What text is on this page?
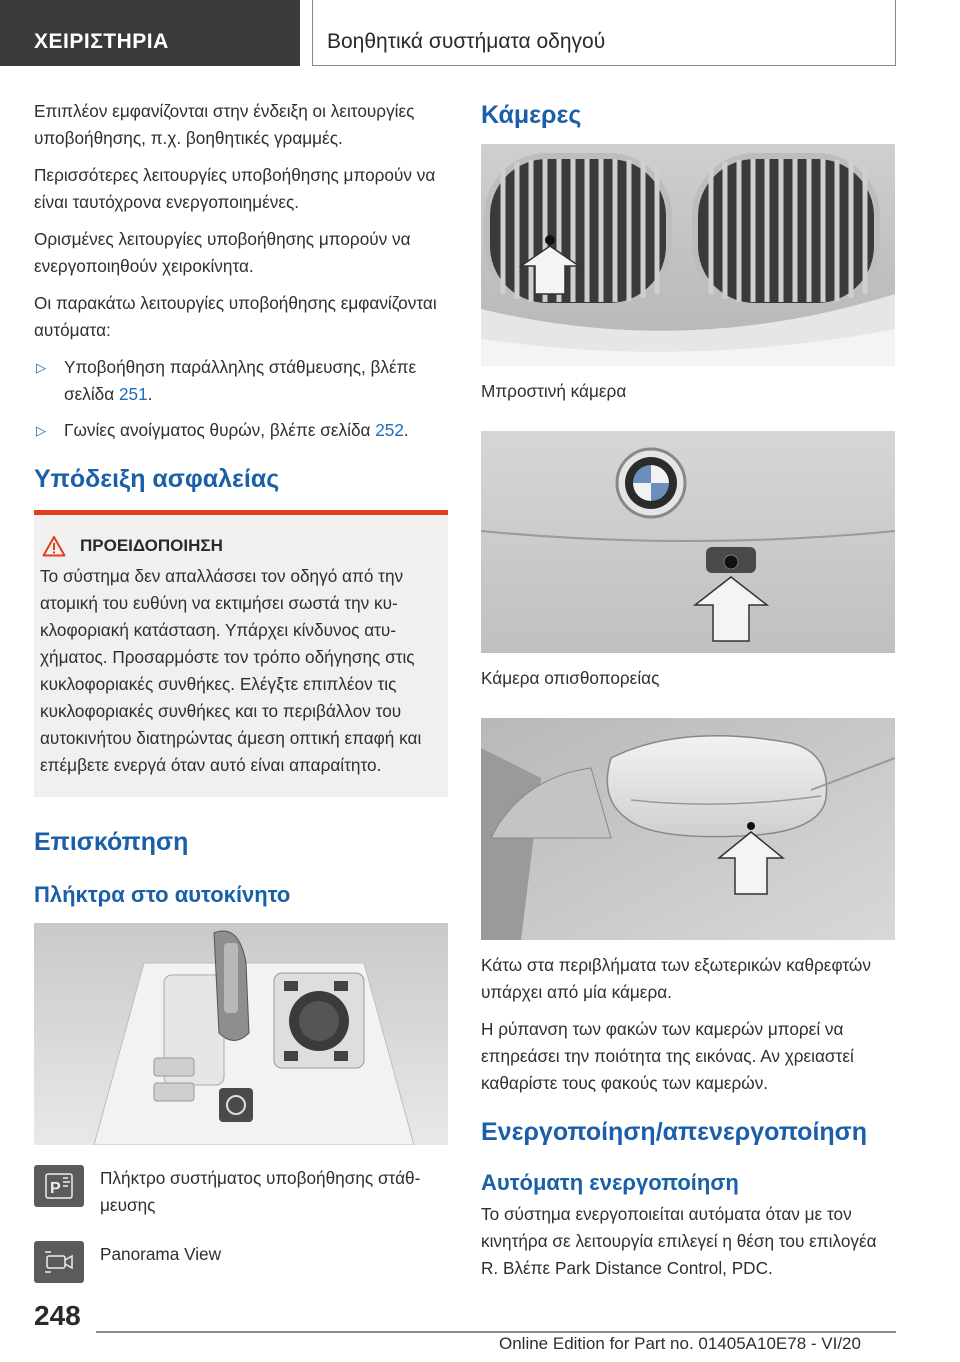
ΧΕΙΡΙΣΤΗΡΙΑ	Βοηθητικά συστήματα οδηγού

Επιπλέον εμφανίζονται στην ένδειξη οι λειτουργίες υποβοήθησης, π.χ. βοηθητικές γραμμές.

Περισσότερες λειτουργίες υποβοήθησης μπορούν να είναι ταυτόχρονα ενεργοποιημένες.

Ορισμένες λειτουργίες υποβοήθησης μπορούν να ενεργοποιηθούν χειροκίνητα.

Οι παρακάτω λειτουργίες υποβοήθησης εμφανίζονται αυτόματα:

▷ Υποβοήθηση παράλληλης στάθμευσης, βλέπε σελίδα 251.
▷ Γωνίες ανοίγματος θυρών, βλέπε σελίδα 252.
Υπόδειξη ασφαλείας
ΠΡΟΕΙΔΟΠΟΙΗΣΗ
Το σύστημα δεν απαλλάσσει τον οδηγό από την ατομική του ευθύνη να εκτιμήσει σωστά την κυκλοφοριακή κατάσταση. Υπάρχει κίνδυνος ατυχήματος. Προσαρμόστε τον τρόπο οδήγησης στις κυκλοφοριακές συνθήκες. Ελέγξτε επιπλέον τις κυκλοφοριακές συνθήκες και το περιβάλλον του αυτοκινήτου διατηρώντας άμεση οπτική επαφή και επέμβετε ενεργά όταν αυτό είναι απαραίτητο.
Επισκόπηση
Πλήκτρα στο αυτοκίνητο
P
Πλήκτρο συστήματος υποβοήθησης στάθμευσης
Panorama View
Κάμερες
Μπροστινή κάμερα
Κάμερα οπισθοπορείας
Κάτω στα περιβλήματα των εξωτερικών καθρεφτών υπάρχει από μία κάμερα.

Η ρύπανση των φακών των καμερών μπορεί να επηρεάσει την ποιότητα της εικόνας. Αν χρειαστεί καθαρίστε τους φακούς των καμερών.

Ενεργοποίηση/απενεργοποίηση
Αυτόματη ενεργοποίηση

Το σύστημα ενεργοποιείται αυτόματα όταν με τον κινητήρα σε λειτουργία επιλεγεί η θέση του επιλογέα R. Βλέπε Park Distance Control, PDC.

248
Online Edition for Part no. 01405A10E78 - VI/20
